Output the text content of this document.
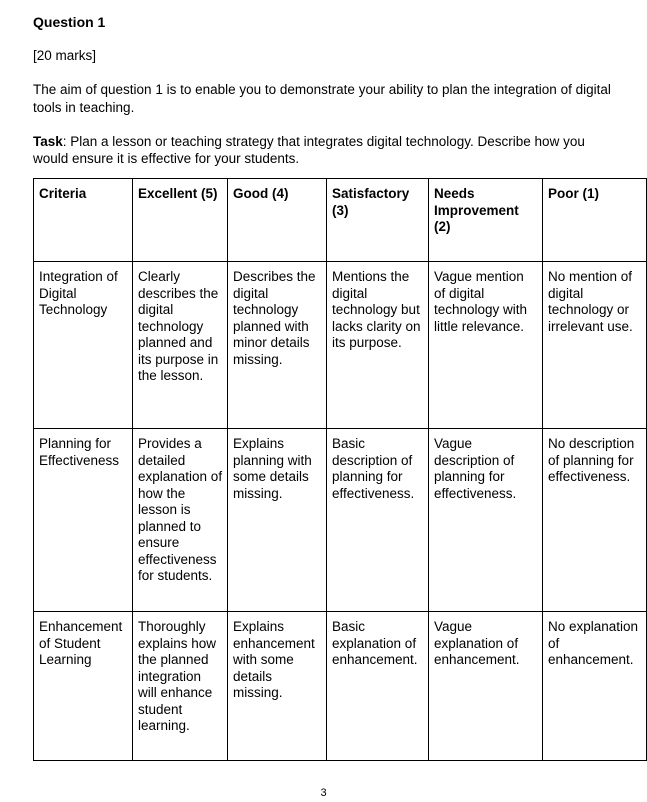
Question 1

[20 marks]

The aim of question 1 is to enable you to demonstrate your ability to plan the integration of digital tools in teaching.

Task: Plan a lesson or teaching strategy that integrates digital technology. Describe how you would ensure it is effective for your students.

Criteria	Excellent (5)	Good (4)	Satisfactory (3)	Needs Improvement (2)	Poor (1)
Integration of Digital Technology	Clearly describes the digital technology planned and its purpose in the lesson.	Describes the digital technology planned with minor details missing.	Mentions the digital technology but lacks clarity on its purpose.	Vague mention of digital technology with little relevance.	No mention of digital technology or irrelevant use.
Planning for Effectiveness	Provides a detailed explanation of how the lesson is planned to ensure effectiveness for students.	Explains planning with some details missing.	Basic description of planning for effectiveness.	Vague description of planning for effectiveness.	No description of planning for effectiveness.
Enhancement of Student Learning	Thoroughly explains how the planned integration will enhance student learning.	Explains enhancement with some details missing.	Basic explanation of enhancement.	Vague explanation of enhancement.	No explanation of enhancement.

3
